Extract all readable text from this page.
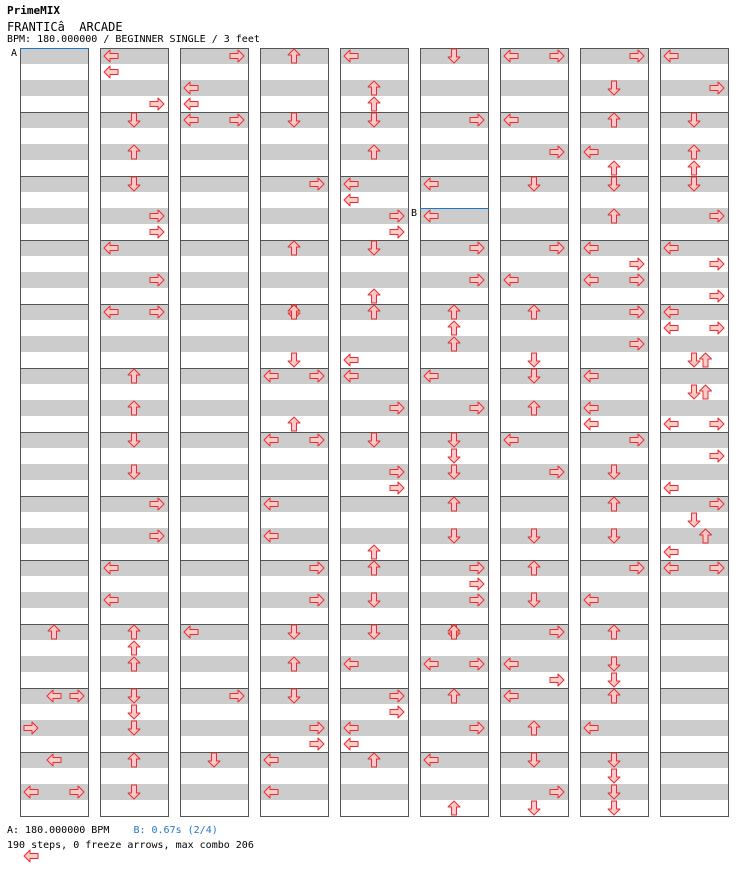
PrimeMIX
FRANTICâ  ARCADE
BPM: 180.000000 / BEGINNER SINGLE / 3 feet
A
B
A: 180.000000 BPM B: 0.67s (2/4)
190 steps, 0 freeze arrows, max combo 206
